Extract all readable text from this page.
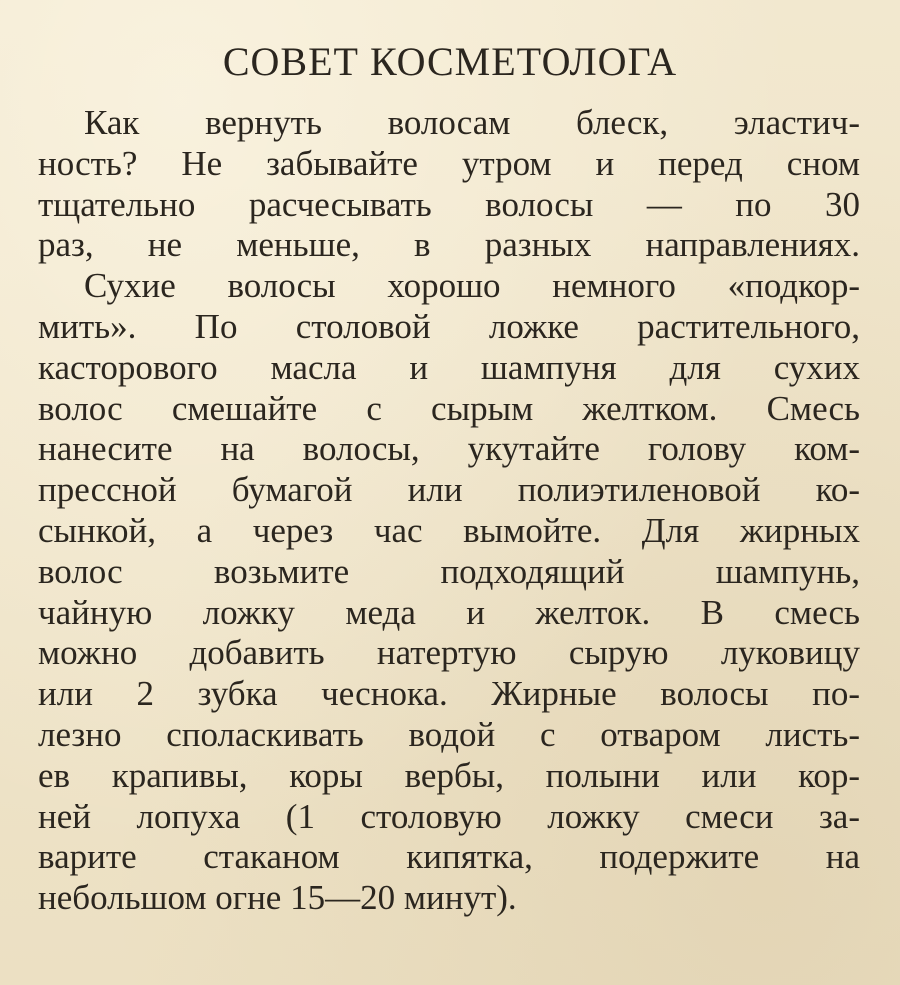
СОВЕТ КОСМЕТОЛОГА
Как вернуть волосам блеск, эластич-
ность? Не забывайте утром и перед сном
тщательно расчесывать волосы — по 30
раз, не меньше, в разных направлениях.
Сухие волосы хорошо немного «подкор-
мить». По столовой ложке растительного,
касторового масла и шампуня для сухих
волос смешайте с сырым желтком. Смесь
нанесите на волосы, укутайте голову ком-
прессной бумагой или полиэтиленовой ко-
сынкой, а через час вымойте. Для жирных
волос возьмите подходящий шампунь,
чайную ложку меда и желток. В смесь
можно добавить натертую сырую луковицу
или 2 зубка чеснока. Жирные волосы по-
лезно споласкивать водой с отваром листь-
ев крапивы, коры вербы, полыни или кор-
ней лопуха (1 столовую ложку смеси за-
варите стаканом кипятка, подержите на
небольшом огне 15—20 минут).
